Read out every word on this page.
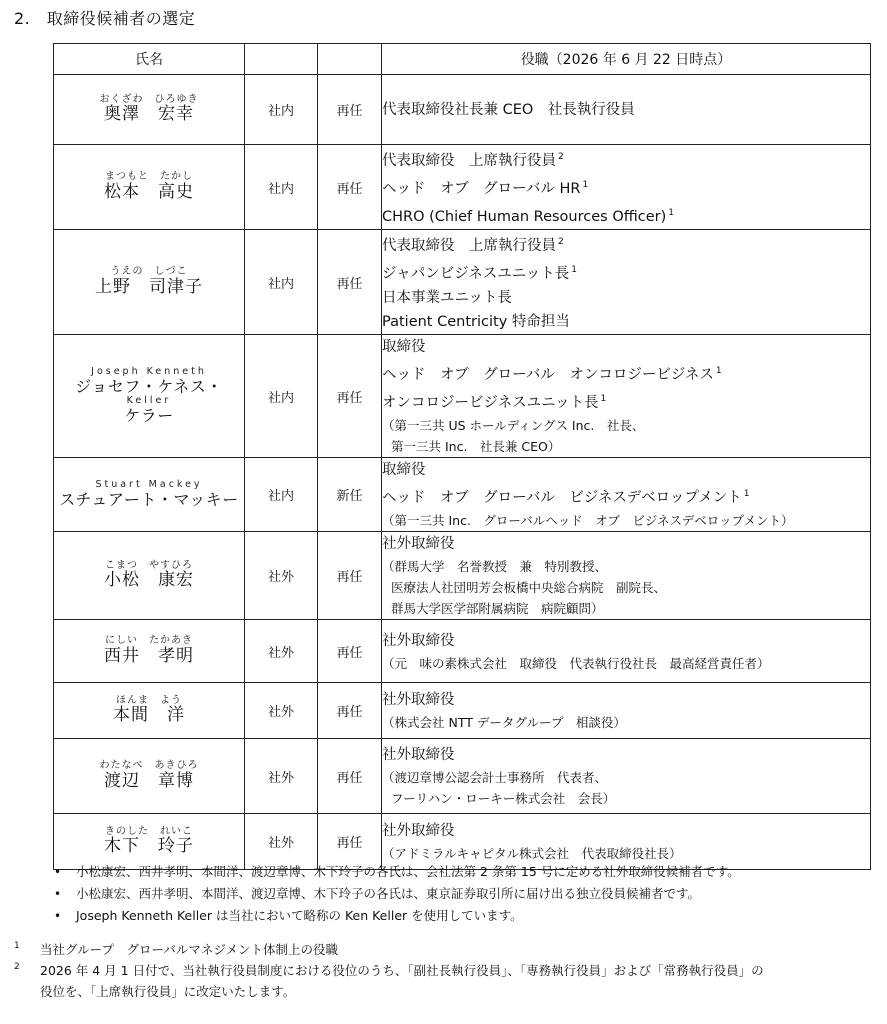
2.　取締役候補者の選定
氏名			役職（2026 年 6 月 22 日時点）

おくざわ　ひろゆき
奥澤　宏幸	社内	再任	代表取締役社長兼 CEO　社長執行役員

まつもと　たかし
松本　高史	社内	再任	代表取締役　上席執行役員 $^2$
ヘッド　オブ　グローバル HR $^1$
CHRO (Chief Human Resources Officer) $^1$

うえの　しづこ
上野　司津子	社内	再任	代表取締役　上席執行役員 $^2$
ジャパンビジネスユニット長 $^1$
日本事業ユニット長
Patient Centricity 特命担当

Joseph Kenneth
ジョセフ・ケネス・
Keller
ケラー	社内	再任	取締役
ヘッド　オブ　グローバル　オンコロジービジネス $^1$
オンコロジービジネスユニット長 $^1$
（第一三共 US ホールディングス Inc.　社長、
第一三共 Inc.　社長兼 CEO）

Stuart Mackey
スチュアート・マッキー	社内	新任	取締役
ヘッド　オブ　グローバル　ビジネスデベロップメント $^1$
（第一三共 Inc.　グローバルヘッド　オブ　ビジネスデベロップメント）

こまつ　やすひろ
小松　康宏	社外	再任	社外取締役
（群馬大学　名誉教授　兼　特別教授、
医療法人社団明芳会板橋中央総合病院　副院長、
群馬大学医学部附属病院　病院顧問）

にしい　たかあき
西井　孝明	社外	再任	社外取締役
（元　味の素株式会社　取締役　代表執行役社長　最高経営責任者）

ほんま　よう
本間　洋	社外	再任	社外取締役
（株式会社 NTT データグループ　相談役）

わたなべ　あきひろ
渡辺　章博	社外	再任	社外取締役
（渡辺章博公認会計士事務所　代表者、
フーリハン・ローキー株式会社　会長）

きのした　れいこ
木下　玲子	社外	再任	社外取締役
（アドミラルキャピタル株式会社　代表取締役社長）
• 小松康宏、西井孝明、本間洋、渡辺章博、木下玲子の各氏は、会社法第 2 条第 15 号に定める社外取締役候補者です。
• 小松康宏、西井孝明、本間洋、渡辺章博、木下玲子の各氏は、東京証券取引所に届け出る独立役員候補者です。
• Joseph Kenneth Keller は当社において略称の Ken Keller を使用しています。
1 当社グループ　グローバルマネジメント体制上の役職
2 2026 年 4 月 1 日付で、当社執行役員制度における役位のうち、「副社長執行役員」、「専務執行役員」および「常務執行役員」の
役位を、「上席執行役員」に改定いたします。
